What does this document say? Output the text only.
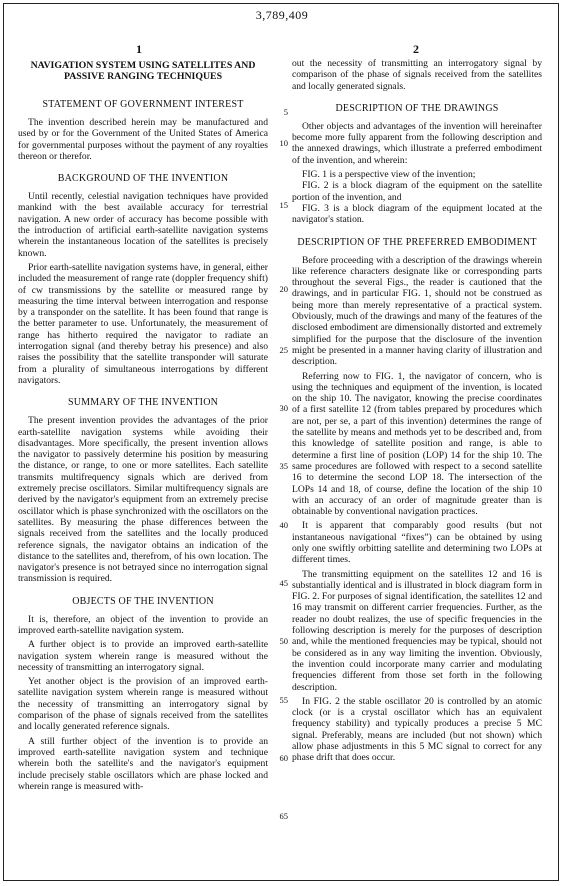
3,789,409
1	2
NAVIGATION SYSTEM USING SATELLITES AND PASSIVE RANGING TECHNIQUES
STATEMENT OF GOVERNMENT INTEREST

The invention described herein may be manufactured and used by or for the Government of the United States of America for governmental purposes without the payment of any royalties thereon or therefor.

BACKGROUND OF THE INVENTION

Until recently, celestial navigation techniques have provided mankind with the best available accuracy for terrestrial navigation. A new order of accuracy has become possible with the introduction of artificial earth-satellite navigation systems wherein the instantaneous location of the satellites is precisely known.

Prior earth-satellite navigation systems have, in general, either included the measurement of range rate (doppler frequency shift) of cw transmissions by the satellite or measured range by measuring the time interval between interrogation and response by a transponder on the satellite. It has been found that range is the better parameter to use. Unfortunately, the measurement of range has hitherto required the navigator to radiate an interrogation signal (and thereby betray his presence) and also raises the possibility that the satellite transponder will saturate from a plurality of simultaneous interrogations by different navigators.

SUMMARY OF THE INVENTION

The present invention provides the advantages of the prior earth-satellite navigation systems while avoiding their disadvantages. More specifically, the present invention allows the navigator to passively determine his position by measuring the distance, or range, to one or more satellites. Each satellite transmits multifrequency signals which are derived from extremely precise oscillators. Similar multifrequency signals are derived by the navigator's equipment from an extremely precise oscillator which is phase synchronized with the oscillators on the satellites. By measuring the phase differences between the signals received from the satellites and the locally produced reference signals, the navigator obtains an indication of the distance to the satellites and, therefrom, of his own location. The navigator's presence is not betrayed since no interrogation signal transmission is required.

OBJECTS OF THE INVENTION

It is, therefore, an object of the invention to provide an improved earth-satellite navigation system.

A further object is to provide an improved earth-satellite navigation system wherein range is measured without the necessity of transmitting an interrogatory signal.

Yet another object is the provision of an improved earth-satellite navigation system wherein range is measured without the necessity of transmitting an interrogatory signal by comparison of the phase of signals received from the satellites and locally generated reference signals.

A still further object of the invention is to provide an improved earth-satellite navigation system and technique wherein both the satellite's and the navigator's equipment include precisely stable oscillators which are phase locked and wherein range is measured with-

out the necessity of transmitting an interrogatory signal by comparison of the phase of signals received from the satellites and locally generated signals.

DESCRIPTION OF THE DRAWINGS

Other objects and advantages of the invention will hereinafter become more fully apparent from the following description and the annexed drawings, which illustrate a preferred embodiment of the invention, and wherein:

FIG. 1 is a perspective view of the invention;

FIG. 2 is a block diagram of the equipment on the satellite portion of the invention, and

FIG. 3 is a block diagram of the equipment located at the navigator's station.

DESCRIPTION OF THE PREFERRED EMBODIMENT

Before proceeding with a description of the drawings wherein like reference characters designate like or corresponding parts throughout the several Figs., the reader is cautioned that the drawings, and in particular FIG. 1, should not be construed as being more than merely representative of a practical system. Obviously, much of the drawings and many of the features of the disclosed embodiment are dimensionally distorted and extremely simplified for the purpose that the disclosure of the invention might be presented in a manner having clarity of illustration and description.

Referring now to FIG. 1, the navigator of concern, who is using the techniques and equipment of the invention, is located on the ship 10. The navigator, knowing the precise coordinates of a first satellite 12 (from tables prepared by procedures which are not, per se, a part of this invention) determines the range of the satellite by means and methods yet to be described and, from this knowledge of satellite position and range, is able to determine a first line of position (LOP) 14 for the ship 10. The same procedures are followed with respect to a second satellite 16 to determine the second LOP 18. The intersection of the LOPs 14 and 18, of course, define the location of the ship 10 with an accuracy of an order of magnitude greater than is obtainable by conventional navigation practices.

It is apparent that comparably good results (but not instantaneous navigational “fixes”) can be obtained by using only one swiftly orbitting satellite and determining two LOPs at different times.

The transmitting equipment on the satellites 12 and 16 is substantially identical and is illustrated in block diagram form in FIG. 2. For purposes of signal identification, the satellites 12 and 16 may transmit on different carrier frequencies. Further, as the reader no doubt realizes, the use of specific frequencies in the following description is merely for the purposes of description and, while the mentioned frequencies may be typical, should not be considered as in any way limiting the invention. Obviously, the invention could incorporate many carrier and modulating frequencies different from those set forth in the following description.

In FIG. 2 the stable oscillator 20 is controlled by an atomic clock (or is a crystal oscillator which has an equivalent frequency stability) and typically produces a precise 5 MC signal. Preferably, means are included (but not shown) which allow phase adjustments in this 5 MC signal to correct for any phase drift that does occur.

5
10
15
20
25
30
35
40
45
50
55
60
65
